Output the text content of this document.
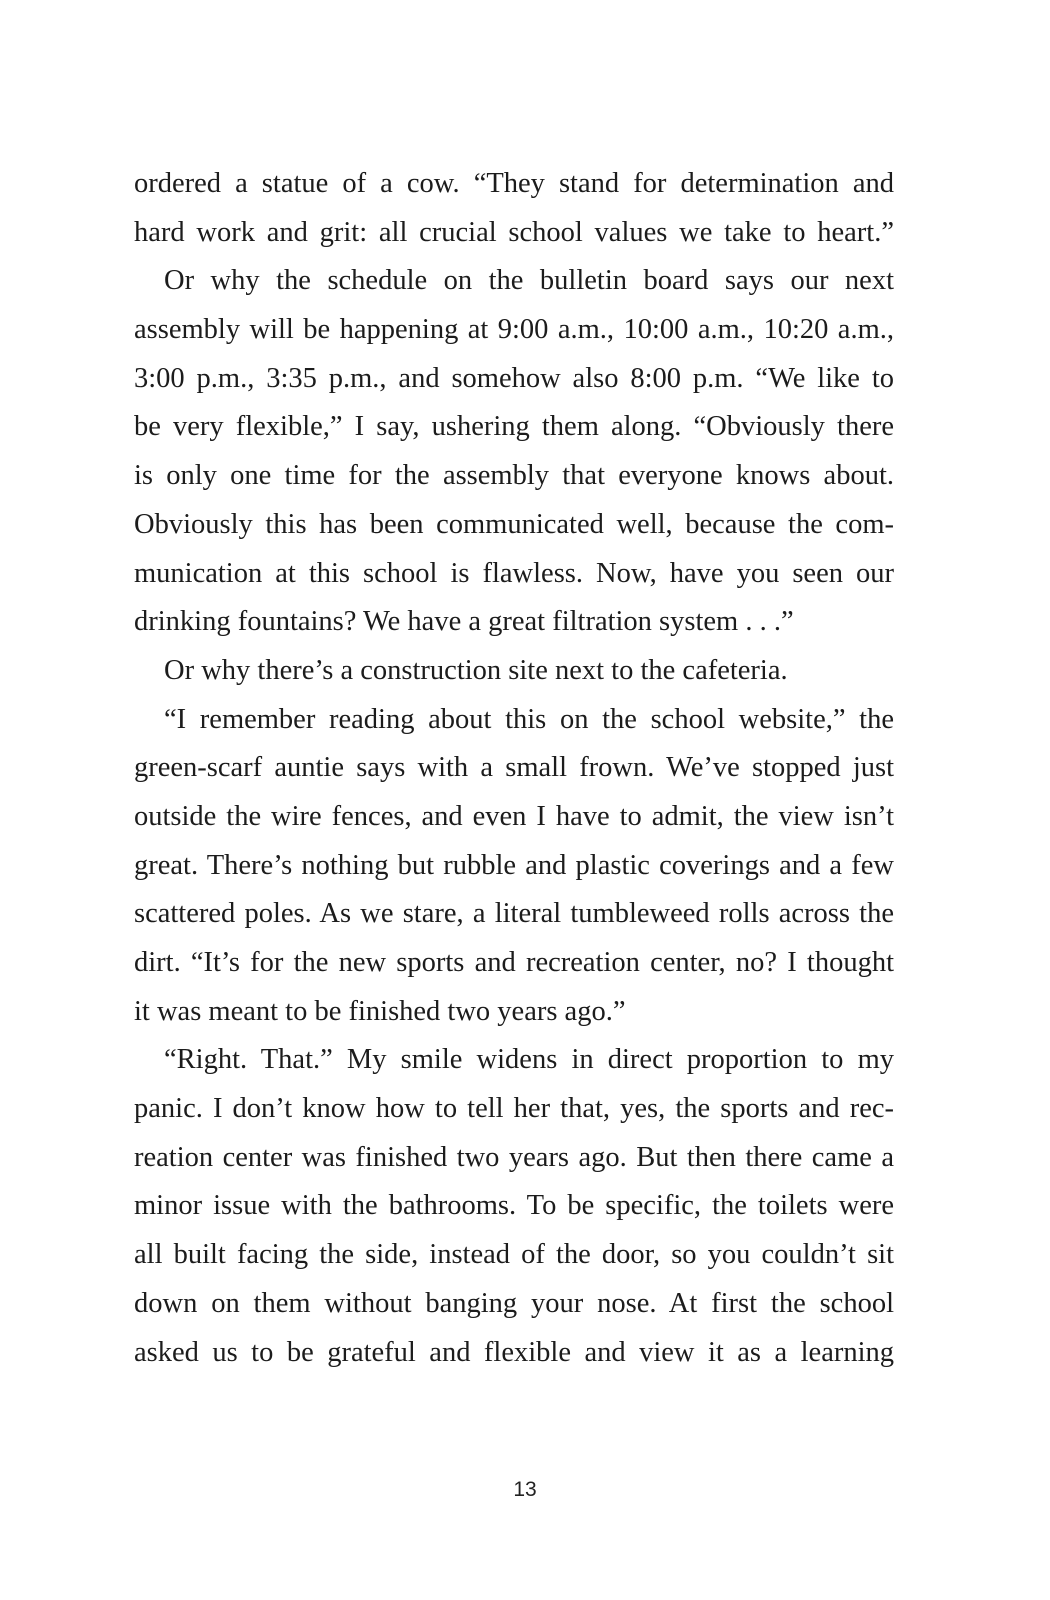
ordered a statue of a cow. “They stand for determination and
hard work and grit: all crucial school values we take to heart.”
Or why the schedule on the bulletin board says our next
assembly will be happening at 9:00 a.m., 10:00 a.m., 10:20 a.m.,
3:00 p.m., 3:35 p.m., and somehow also 8:00 p.m. “We like to
be very flexible,” I say, ushering them along. “Obviously there
is only one time for the assembly that everyone knows about.
Obviously this has been communicated well, because the com-
munication at this school is flawless. Now, have you seen our
drinking fountains? We have a great filtration system . . .”
Or why there’s a construction site next to the cafeteria.
“I remember reading about this on the school website,” the
green-scarf auntie says with a small frown. We’ve stopped just
outside the wire fences, and even I have to admit, the view isn’t
great. There’s nothing but rubble and plastic coverings and a few
scattered poles. As we stare, a literal tumbleweed rolls across the
dirt. “It’s for the new sports and recreation center, no? I thought
it was meant to be finished two years ago.”
“Right. That.” My smile widens in direct proportion to my
panic. I don’t know how to tell her that, yes, the sports and rec-
reation center was finished two years ago. But then there came a
minor issue with the bathrooms. To be specific, the toilets were
all built facing the side, instead of the door, so you couldn’t sit
down on them without banging your nose. At first the school
asked us to be grateful and flexible and view it as a learning
13
